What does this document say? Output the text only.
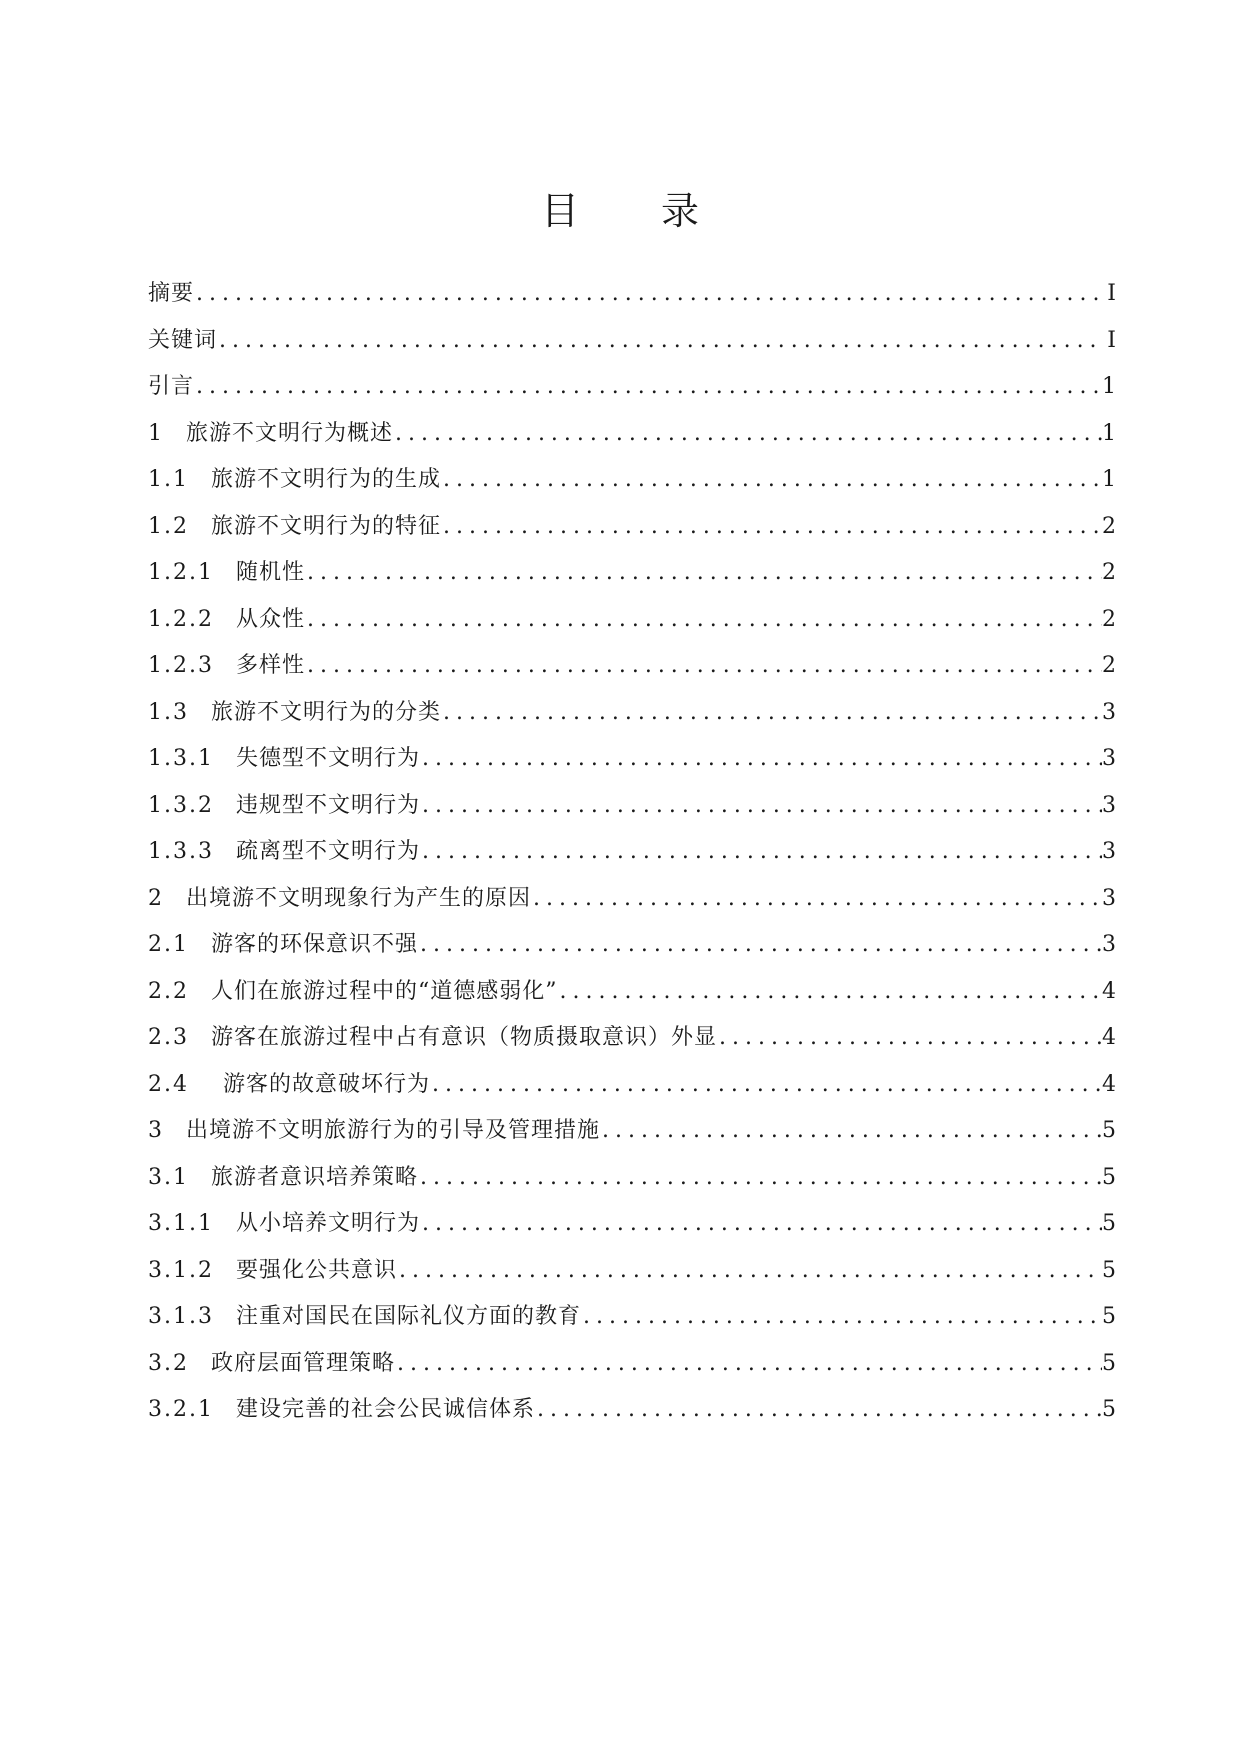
目 录
摘要 .....	I
关键词 .....	I
引言 .....	1
1 旅游不文明行为概述 .....	1
1.1 旅游不文明行为的生成 .....	1
1.2 旅游不文明行为的特征 .....	2
1.2.1 随机性 .....	2
1.2.2 从众性 .....	2
1.2.3 多样性 .....	2
1.3 旅游不文明行为的分类 .....	3
1.3.1 失德型不文明行为 .....	3
1.3.2 违规型不文明行为 .....	3
1.3.3 疏离型不文明行为 .....	3
2 出境游不文明现象行为产生的原因 .....	3
2.1 游客的环保意识不强 .....	3
2.2 人们在旅游过程中的“道德感弱化” .....	4
2.3 游客在旅游过程中占有意识（物质摄取意识）外显 .....	4
2.4 游客的故意破坏行为 .....	4
3 出境游不文明旅游行为的引导及管理措施 .....	5
3.1 旅游者意识培养策略 .....	5
3.1.1 从小培养文明行为 .....	5
3.1.2 要强化公共意识 .....	5
3.1.3 注重对国民在国际礼仪方面的教育 .....	5
3.2 政府层面管理策略 .....	5
3.2.1 建设完善的社会公民诚信体系 .....	5
